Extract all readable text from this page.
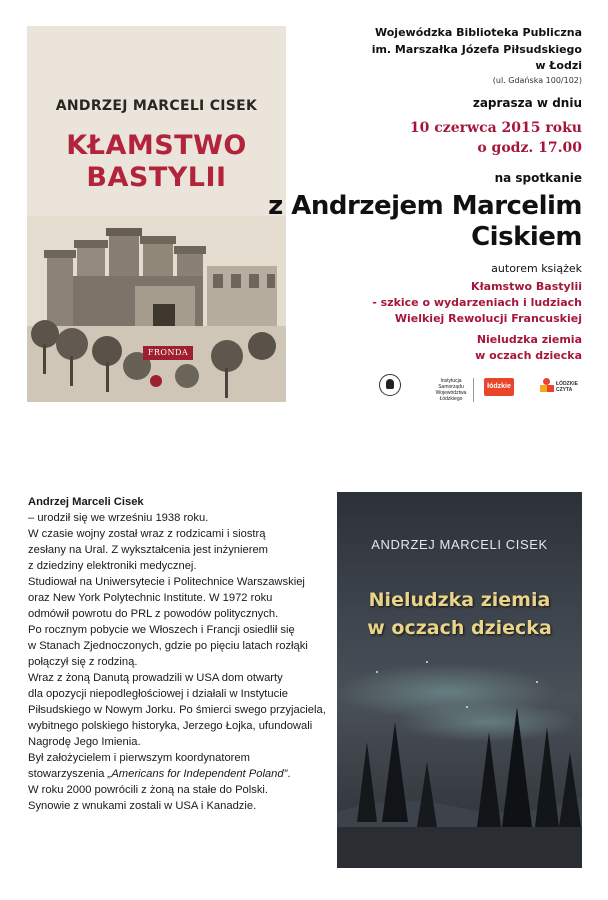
ANDRZEJ MARCELI CISEK
KŁAMSTWO
BASTYLII
FRONDA
Wojewódzka Biblioteka Publiczna
im. Marszałka Józefa Piłsudskiego
w Łodzi
(ul. Gdańska 100/102)
zaprasza w dniu
10 czerwca 2015 roku
o godz. 17.00
na spotkanie
z Andrzejem Marcelim
Ciskiem
autorem książek
Kłamstwo Bastylii
- szkice o wydarzeniach i ludziach
Wielkiej Rewolucji Francuskiej
Nieludzka ziemia
w oczach dziecka
Instytucja
Samorządu
Województwa Łódzkiego
łódzkie	ŁÓDZKIE
CZYTA
Andrzej Marceli Cisek
– urodził się we wrześniu 1938 roku.
W czasie wojny został wraz z rodzicami i siostrą
zesłany na Ural. Z wykształcenia jest inżynierem
z dziedziny elektroniki medycznej.
Studiował na Uniwersytecie i Politechnice Warszawskiej
oraz New York Polytechnic Institute. W 1972 roku
odmówił powrotu do PRL z powodów politycznych.
Po rocznym pobycie we Włoszech i Francji osiedlił się
w Stanach Zjednoczonych, gdzie po pięciu latach rozłąki
połączył się z rodziną.
Wraz z żoną Danutą prowadzili w USA dom otwarty
dla opozycji niepodległościowej i działali w Instytucie
Piłsudskiego w Nowym Jorku. Po śmierci swego przyjaciela,
wybitnego polskiego historyka, Jerzego Łojka, ufundowali
Nagrodę Jego Imienia.
Był założycielem i pierwszym koordynatorem
stowarzyszenia „Americans for Independent Poland”.
W roku 2000 powrócili z żoną na stałe do Polski.
Synowie z wnukami zostali w USA i Kanadzie.
ANDRZEJ MARCELI CISEK
Nieludzka ziemia
w oczach dziecka
